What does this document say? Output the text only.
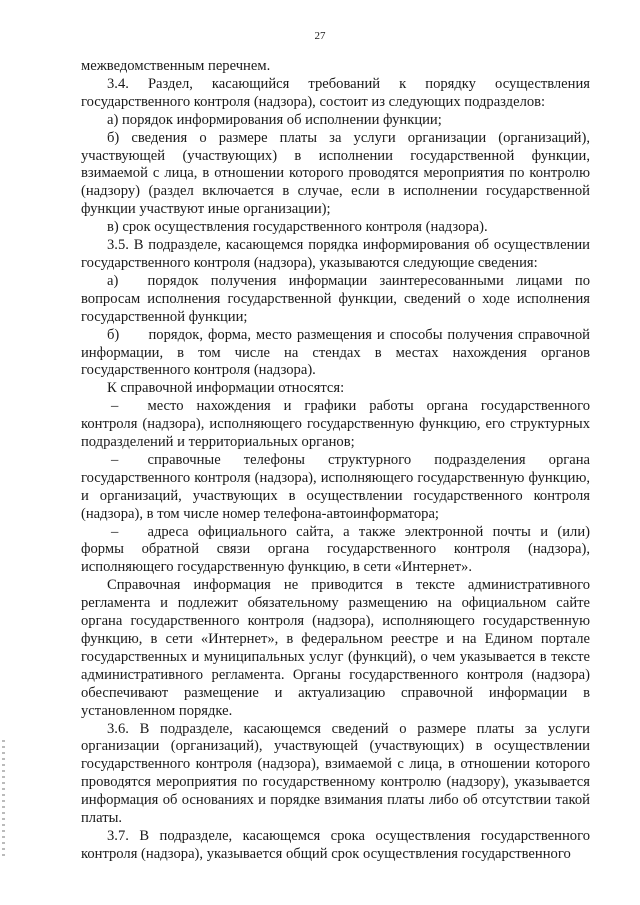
27

межведомственным перечнем.

3.4. Раздел, касающийся требований к порядку осуществления государственного контроля (надзора), состоит из следующих подразделов:

а) порядок информирования об исполнении функции;

б) сведения о размере платы за услуги организации (организаций), участвующей (участвующих) в исполнении государственной функции, взимаемой с лица, в отношении которого проводятся мероприятия по контролю (надзору) (раздел включается в случае, если в исполнении государственной функции участвуют иные организации);

в) срок осуществления государственного контроля (надзора).

3.5. В подразделе, касающемся порядка информирования об осуществлении государственного контроля (надзора), указываются следующие сведения:

а)  порядок получения информации заинтересованными лицами по вопросам исполнения государственной функции, сведений о ходе исполнения государственной функции;

б)  порядок, форма, место размещения и способы получения справочной информации, в том числе на стендах в местах нахождения органов государственного контроля (надзора).

К справочной информации относятся:

–  место нахождения и графики работы органа государственного контроля (надзора), исполняющего государственную функцию, его структурных подразделений и территориальных органов;

–  справочные телефоны структурного подразделения органа государственного контроля (надзора), исполняющего государственную функцию, и организаций, участвующих в осуществлении государственного контроля (надзора), в том числе номер телефона-автоинформатора;

–  адреса официального сайта, а также электронной почты и (или) формы обратной связи органа государственного контроля (надзора), исполняющего государственную функцию, в сети «Интернет».

Справочная информация не приводится в тексте административного регламента и подлежит обязательному размещению на официальном сайте органа государственного контроля (надзора), исполняющего государственную функцию, в сети «Интернет», в федеральном реестре и на Едином портале государственных и муниципальных услуг (функций), о чем указывается в тексте административного регламента. Органы государственного контроля (надзора) обеспечивают размещение и актуализацию справочной информации в установленном порядке.

3.6. В подразделе, касающемся сведений о размере платы за услуги организации (организаций), участвующей (участвующих) в осуществлении государственного контроля (надзора), взимаемой с лица, в отношении которого проводятся мероприятия по государственному контролю (надзору), указывается информация об основаниях и порядке взимания платы либо об отсутствии такой платы.

3.7. В подразделе, касающемся срока осуществления государственного контроля (надзора), указывается общий срок осуществления государственного
